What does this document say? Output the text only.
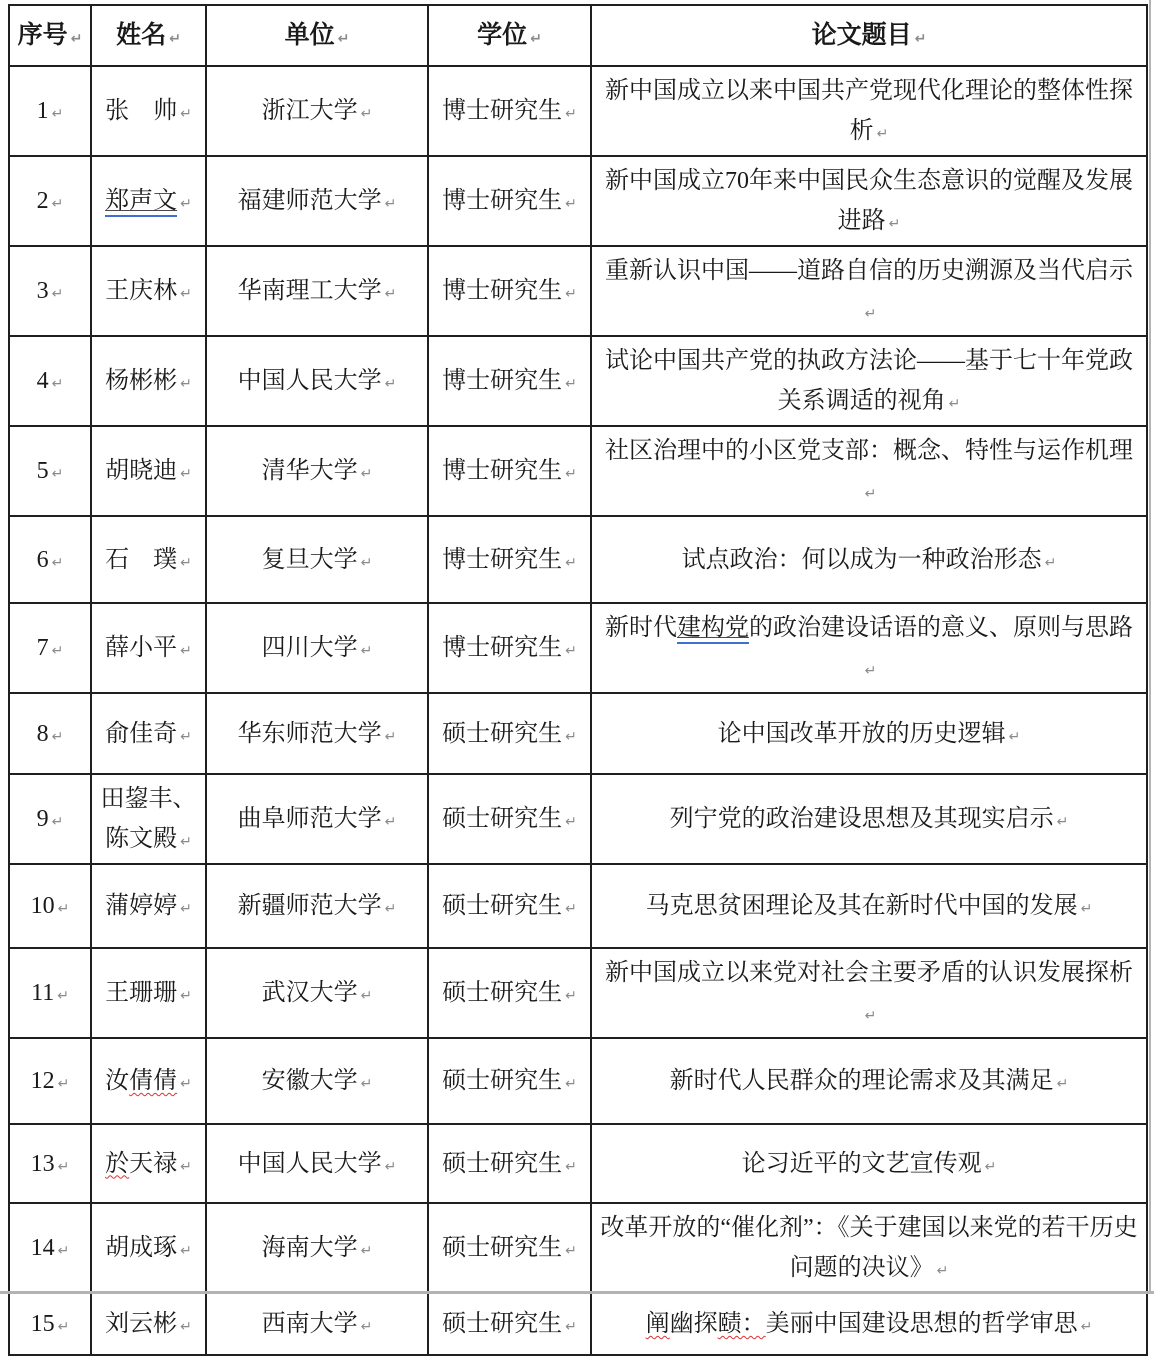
序号 ↵	姓名 ↵	单位 ↵	学位 ↵	论文题目 ↵
1 ↵	张　帅 ↵	浙江大学 ↵	博士研究生 ↵	新中国成立以来中国共产党现代化理论的整体性探析 ↵
2 ↵	郑声文 ↵	福建师范大学 ↵	博士研究生 ↵	新中国成立70年来中国民众生态意识的觉醒及发展进路 ↵
3 ↵	王庆林 ↵	华南理工大学 ↵	博士研究生 ↵	重新认识中国——道路自信的历史溯源及当代启示↵
4 ↵	杨彬彬 ↵	中国人民大学 ↵	博士研究生 ↵	试论中国共产党的执政方法论——基于七十年党政关系调适的视角 ↵
5 ↵	胡晓迪 ↵	清华大学 ↵	博士研究生 ↵	社区治理中的小区党支部：概念、特性与运作机理↵
6 ↵	石　璞 ↵	复旦大学 ↵	博士研究生 ↵	试点政治：何以成为一种政治形态 ↵
7 ↵	薛小平 ↵	四川大学 ↵	博士研究生 ↵	新时代建构党的政治建设话语的意义、原则与思路↵
8 ↵	俞佳奇 ↵	华东师范大学 ↵	硕士研究生 ↵	论中国改革开放的历史逻辑 ↵
9 ↵	田鋆丰、陈文殿 ↵	曲阜师范大学 ↵	硕士研究生 ↵	列宁党的政治建设思想及其现实启示 ↵
10 ↵	蒲婷婷 ↵	新疆师范大学 ↵	硕士研究生 ↵	马克思贫困理论及其在新时代中国的发展 ↵
11 ↵	王珊珊 ↵	武汉大学 ↵	硕士研究生 ↵	新中国成立以来党对社会主要矛盾的认识发展探析↵
12 ↵	汝倩倩 ↵	安徽大学 ↵	硕士研究生 ↵	新时代人民群众的理论需求及其满足 ↵
13 ↵	於天禄 ↵	中国人民大学 ↵	硕士研究生 ↵	论习近平的文艺宣传观 ↵
14 ↵	胡成琢 ↵	海南大学 ↵	硕士研究生 ↵	改革开放的“催化剂”：《关于建国以来党的若干历史问题的决议》 ↵
15 ↵	刘云彬 ↵	西南大学 ↵	硕士研究生 ↵	阐幽探赜：美丽中国建设思想的哲学审思 ↵
